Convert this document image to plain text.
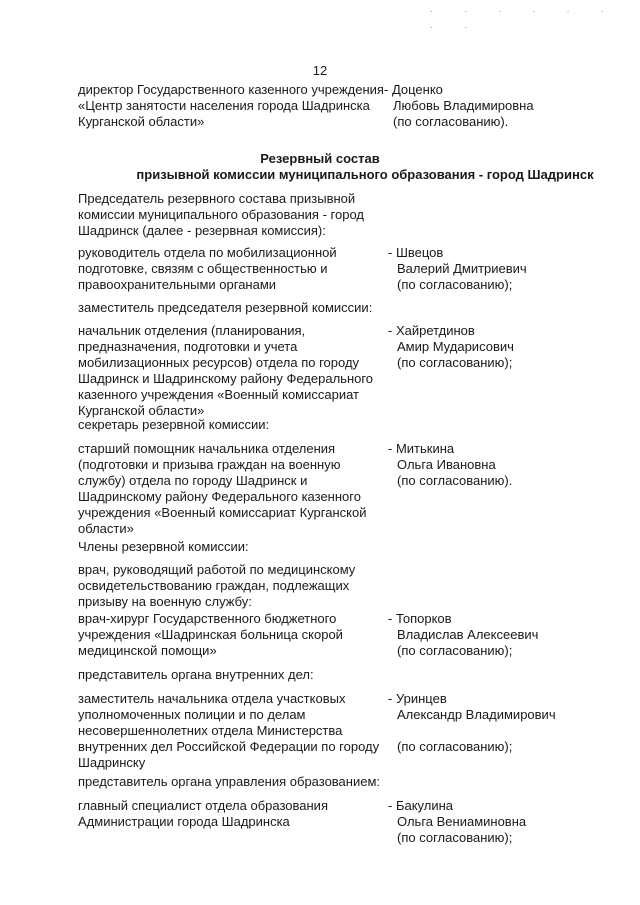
· · · · · · · ·
12
директор Государственного казенного учреждения «Центр занятости населения города Шадринска Курганской области»
- Доценко
Любовь Владимировна
(по согласованию).
Резервный состав
призывной комиссии муниципального образования - город Шадринск
Председатель резервного состава призывной комиссии муниципального образования - город Шадринск (далее - резервная комиссия):
руководитель отдела по мобилизационной подготовке, связям с общественностью и правоохранительными органами
- Швецов
Валерий Дмитриевич
(по согласованию);
заместитель председателя резервной комиссии:
начальник отделения (планирования, предназначения, подготовки и учета мобилизационных ресурсов) отдела по городу Шадринск и Шадринскому району Федерального казенного учреждения «Военный комиссариат Курганской области»
- Хайретдинов
Амир Мударисович
(по согласованию);
секретарь резервной комиссии:
старший помощник начальника отделения (подготовки и призыва граждан на военную службу) отдела по городу Шадринск и Шадринскому району Федерального казенного учреждения «Военный комиссариат Курганской области»
- Митькина
Ольга Ивановна
(по согласованию).
Члены резервной комиссии:
врач, руководящий работой по медицинскому освидетельствованию граждан, подлежащих призыву на военную службу:
врач-хирург Государственного бюджетного учреждения «Шадринская больница скорой медицинской помощи»
- Топорков
Владислав Алексеевич
(по согласованию);
представитель органа внутренних дел:
заместитель начальника отдела участковых уполномоченных полиции и по делам несовершеннолетних отдела Министерства внутренних дел Российской Федерации по городу Шадринску
- Уринцев
Александр Владимирович
(по согласованию);
представитель органа управления образованием:
главный специалист отдела образования Администрации города Шадринска
- Бакулина
Ольга Вениаминовна
(по согласованию);
